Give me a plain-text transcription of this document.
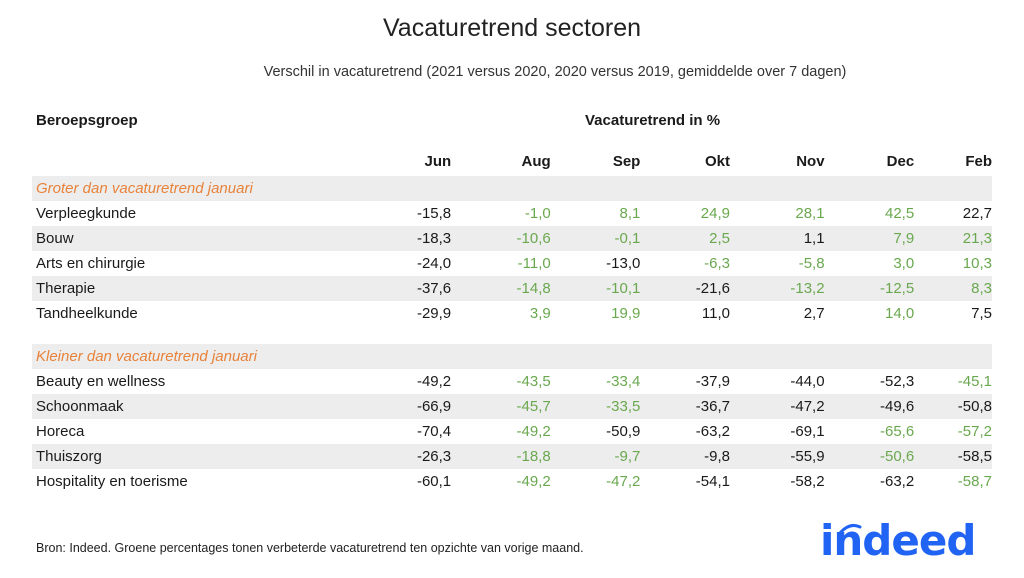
Vacaturetrend sectoren
Verschil in vacaturetrend (2021 versus 2020, 2020 versus 2019, gemiddelde over 7 dagen)
Beroepsgroep	Vacaturetrend in %
	Jun	Aug	Sep	Okt	Nov	Dec	Feb
Groter dan vacaturetrend januari							
Verpleegkunde	-15,8	-1,0	8,1	24,9	28,1	42,5	22,7
Bouw	-18,3	-10,6	-0,1	2,5	1,1	7,9	21,3
Arts en chirurgie	-24,0	-11,0	-13,0	-6,3	-5,8	3,0	10,3
Therapie	-37,6	-14,8	-10,1	-21,6	-13,2	-12,5	8,3
Tandheelkunde	-29,9	3,9	19,9	11,0	2,7	14,0	7,5

Kleiner dan vacaturetrend januari							
Beauty en wellness	-49,2	-43,5	-33,4	-37,9	-44,0	-52,3	-45,1
Schoonmaak	-66,9	-45,7	-33,5	-36,7	-47,2	-49,6	-50,8
Horeca	-70,4	-49,2	-50,9	-63,2	-69,1	-65,6	-57,2
Thuiszorg	-26,3	-18,8	-9,7	-9,8	-55,9	-50,6	-58,5
Hospitality en toerisme	-60,1	-49,2	-47,2	-54,1	-58,2	-63,2	-58,7
Bron: Indeed. Groene percentages tonen verbeterde vacaturetrend ten opzichte van vorige maand.	indeed
